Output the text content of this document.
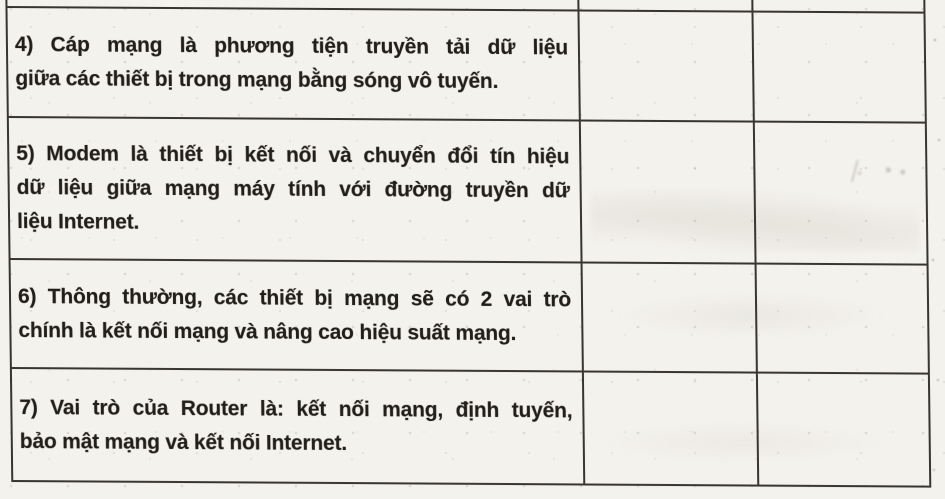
4) Cáp mạng là phương tiện truyền tải dữ liệu
giữa các thiết bị trong mạng bằng sóng vô tuyến.
5) Modem là thiết bị kết nối và chuyển đổi tín hiệu
dữ liệu giữa mạng máy tính với đường truyền dữ
liệu Internet.
6) Thông thường, các thiết bị mạng sẽ có 2 vai trò
chính là kết nối mạng và nâng cao hiệu suất mạng.
7) Vai trò của Router là: kết nối mạng, định tuyến,
bảo mật mạng và kết nối Internet.
